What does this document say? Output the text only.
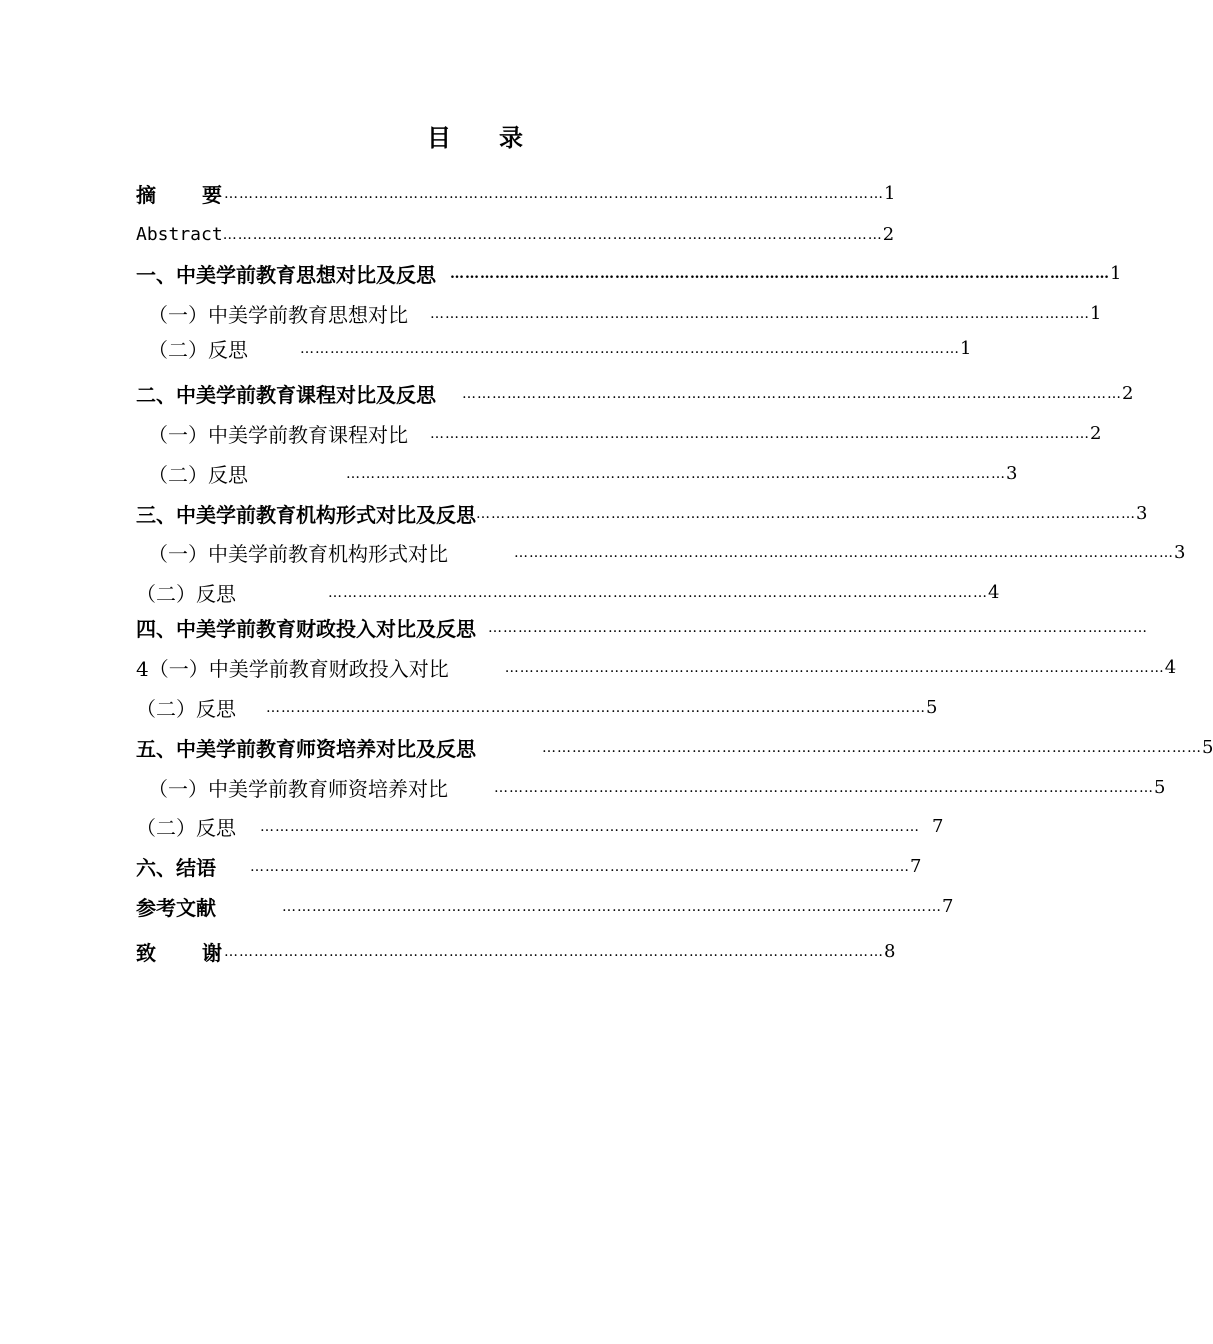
目 录
摘　　要 …………………………………………………………………………………………………………………… 1
Abstract …………………………………………………………………………………………………………………… 2
一、中美学前教育思想对比及反思 …………………………………………………………………………………………………………………… 1
（一）中美学前教育思想对比 …………………………………………………………………………………………………………………… 1
（二）反思	…………………………………………………………………………………………………………………… 1
二、中美学前教育课程对比及反思 …………………………………………………………………………………………………………………… 2
（一）中美学前教育课程对比 …………………………………………………………………………………………………………………… 2
（二）反思	…………………………………………………………………………………………………………………… 3
三、中美学前教育机构形式对比及反思 …………………………………………………………………………………………………………………… 3
（一）中美学前教育机构形式对比	…………………………………………………………………………………………………………………… 3
（二）反思	…………………………………………………………………………………………………………………… 4
四、中美学前教育财政投入对比及反思 ……………………………………………………………………………………………………………………
4（一）中美学前教育财政投入对比	…………………………………………………………………………………………………………………… 4
（二）反思 …………………………………………………………………………………………………………………… 5
五、中美学前教育师资培养对比及反思	…………………………………………………………………………………………………………………… 5
（一）中美学前教育师资培养对比	…………………………………………………………………………………………………………………… 5
（二）反思 …………………………………………………………………………………………………………………… 7
六、结语 …………………………………………………………………………………………………………………… 7
参考文献	…………………………………………………………………………………………………………………… 7
致　　谢 …………………………………………………………………………………………………………………… 8
